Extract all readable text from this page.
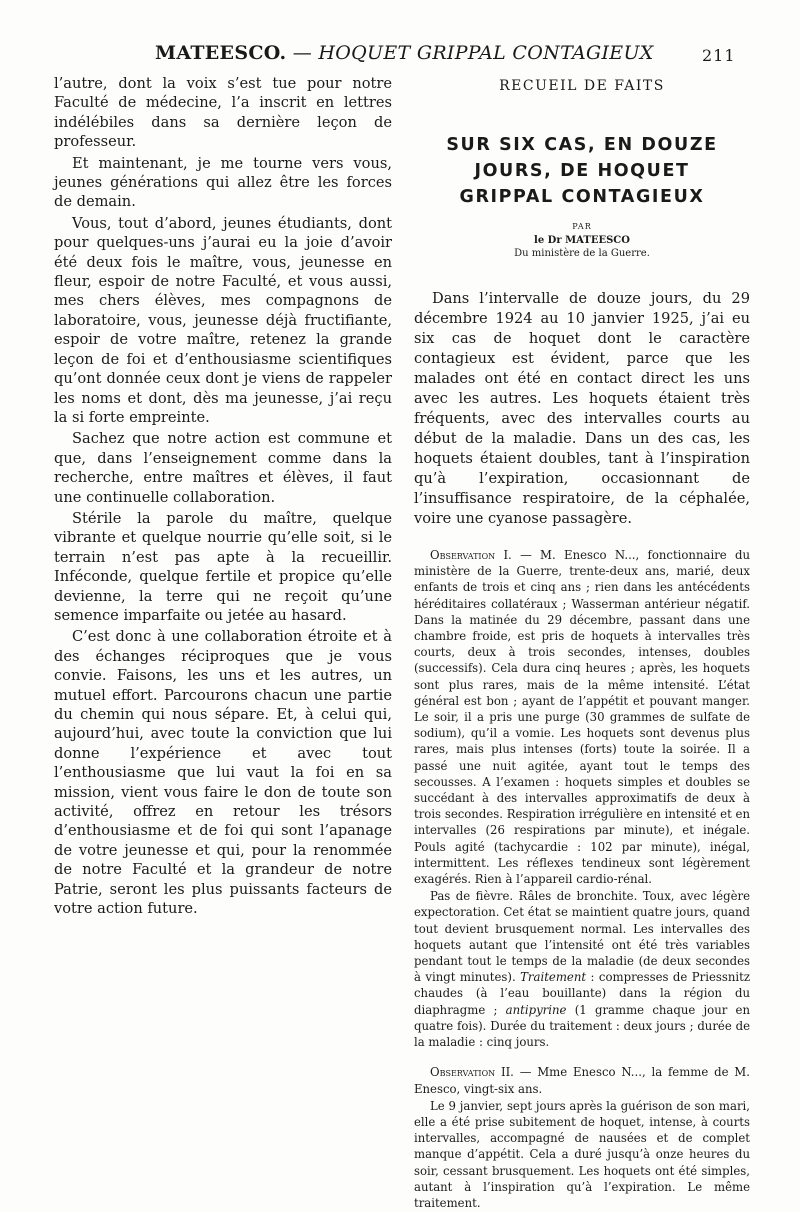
MATEESCO. — HOQUET GRIPPAL CONTAGIEUX	211

l’autre, dont la voix s’est tue pour notre Faculté de médecine, l’a inscrit en lettres indélébiles dans sa dernière leçon de professeur.

Et maintenant, je me tourne vers vous, jeunes générations qui allez être les forces de demain.

Vous, tout d’abord, jeunes étudiants, dont pour quelques-uns j’aurai eu la joie d’avoir été deux fois le maître, vous, jeunesse en fleur, espoir de notre Faculté, et vous aussi, mes chers élèves, mes compagnons de laboratoire, vous, jeunesse déjà fructifiante, espoir de votre maître, retenez la grande leçon de foi et d’enthousiasme scientifiques qu’ont donnée ceux dont je viens de rappeler les noms et dont, dès ma jeunesse, j’ai reçu la si forte empreinte.

Sachez que notre action est commune et que, dans l’enseignement comme dans la recherche, entre maîtres et élèves, il faut une continuelle collaboration.

Stérile la parole du maître, quelque vibrante et quelque nourrie qu’elle soit, si le terrain n’est pas apte à la recueillir. Inféconde, quelque fertile et propice qu’elle devienne, la terre qui ne reçoit qu’une semence imparfaite ou jetée au hasard.

C’est donc à une collaboration étroite et à des échanges réciproques que je vous convie. Faisons, les uns et les autres, un mutuel effort. Parcourons chacun une partie du chemin qui nous sépare. Et, à celui qui, aujourd’hui, avec toute la conviction que lui donne l’expérience et avec tout l’enthousiasme que lui vaut la foi en sa mission, vient vous faire le don de toute son activité, offrez en retour les trésors d’enthousiasme et de foi qui sont l’apanage de votre jeunesse et qui, pour la renommée de notre Faculté et la grandeur de notre Patrie, seront les plus puissants facteurs de votre action future.

RECUEIL DE FAITS
SUR SIX CAS, EN DOUZE
JOURS, DE HOQUET
GRIPPAL CONTAGIEUX
PAR
le Dr MATEESCO
Du ministère de la Guerre.

Dans l’intervalle de douze jours, du 29 décembre 1924 au 10 janvier 1925, j’ai eu six cas de hoquet dont le caractère contagieux est évident, parce que les malades ont été en contact direct les uns avec les autres. Les hoquets étaient très fréquents, avec des intervalles courts au début de la maladie. Dans un des cas, les hoquets étaient doubles, tant à l’inspiration qu’à l’expiration, occasionnant de l’insuffisance respiratoire, de la céphalée, voire une cyanose passagère.

Observation I. — M. Enesco N..., fonctionnaire du ministère de la Guerre, trente-deux ans, marié, deux enfants de trois et cinq ans ; rien dans les antécédents héréditaires collatéraux ; Wasserman antérieur négatif. Dans la matinée du 29 décembre, passant dans une chambre froide, est pris de hoquets à intervalles très courts, deux à trois secondes, intenses, doubles (successifs). Cela dura cinq heures ; après, les hoquets sont plus rares, mais de la même intensité. L’état général est bon ; ayant de l’appétit et pouvant manger. Le soir, il a pris une purge (30 grammes de sulfate de sodium), qu’il a vomie. Les hoquets sont devenus plus rares, mais plus intenses (forts) toute la soirée. Il a passé une nuit agitée, ayant tout le temps des secousses. A l’examen : hoquets simples et doubles se succédant à des intervalles approximatifs de deux à trois secondes. Respiration irrégulière en intensité et en intervalles (26 respirations par minute), et inégale. Pouls agité (tachycardie : 102 par minute), inégal, intermittent. Les réflexes tendineux sont légèrement exagérés. Rien à l’appareil cardio-rénal.

Pas de fièvre. Râles de bronchite. Toux, avec légère expectoration. Cet état se maintient quatre jours, quand tout devient brusquement normal. Les intervalles des hoquets autant que l’intensité ont été très variables pendant tout le temps de la maladie (de deux secondes à vingt minutes). Traitement : compresses de Priessnitz chaudes (à l’eau bouillante) dans la région du diaphragme ; antipyrine (1 gramme chaque jour en quatre fois). Durée du traitement : deux jours ; durée de la maladie : cinq jours.

Observation II. — Mme Enesco N..., la femme de M. Enesco, vingt-six ans.

Le 9 janvier, sept jours après la guérison de son mari, elle a été prise subitement de hoquet, intense, à courts intervalles, accompagné de nausées et de complet manque d’appétit. Cela a duré jusqu’à onze heures du soir, cessant brusquement. Les hoquets ont été simples, autant à l’inspiration qu’à l’expiration. Le même traitement.
